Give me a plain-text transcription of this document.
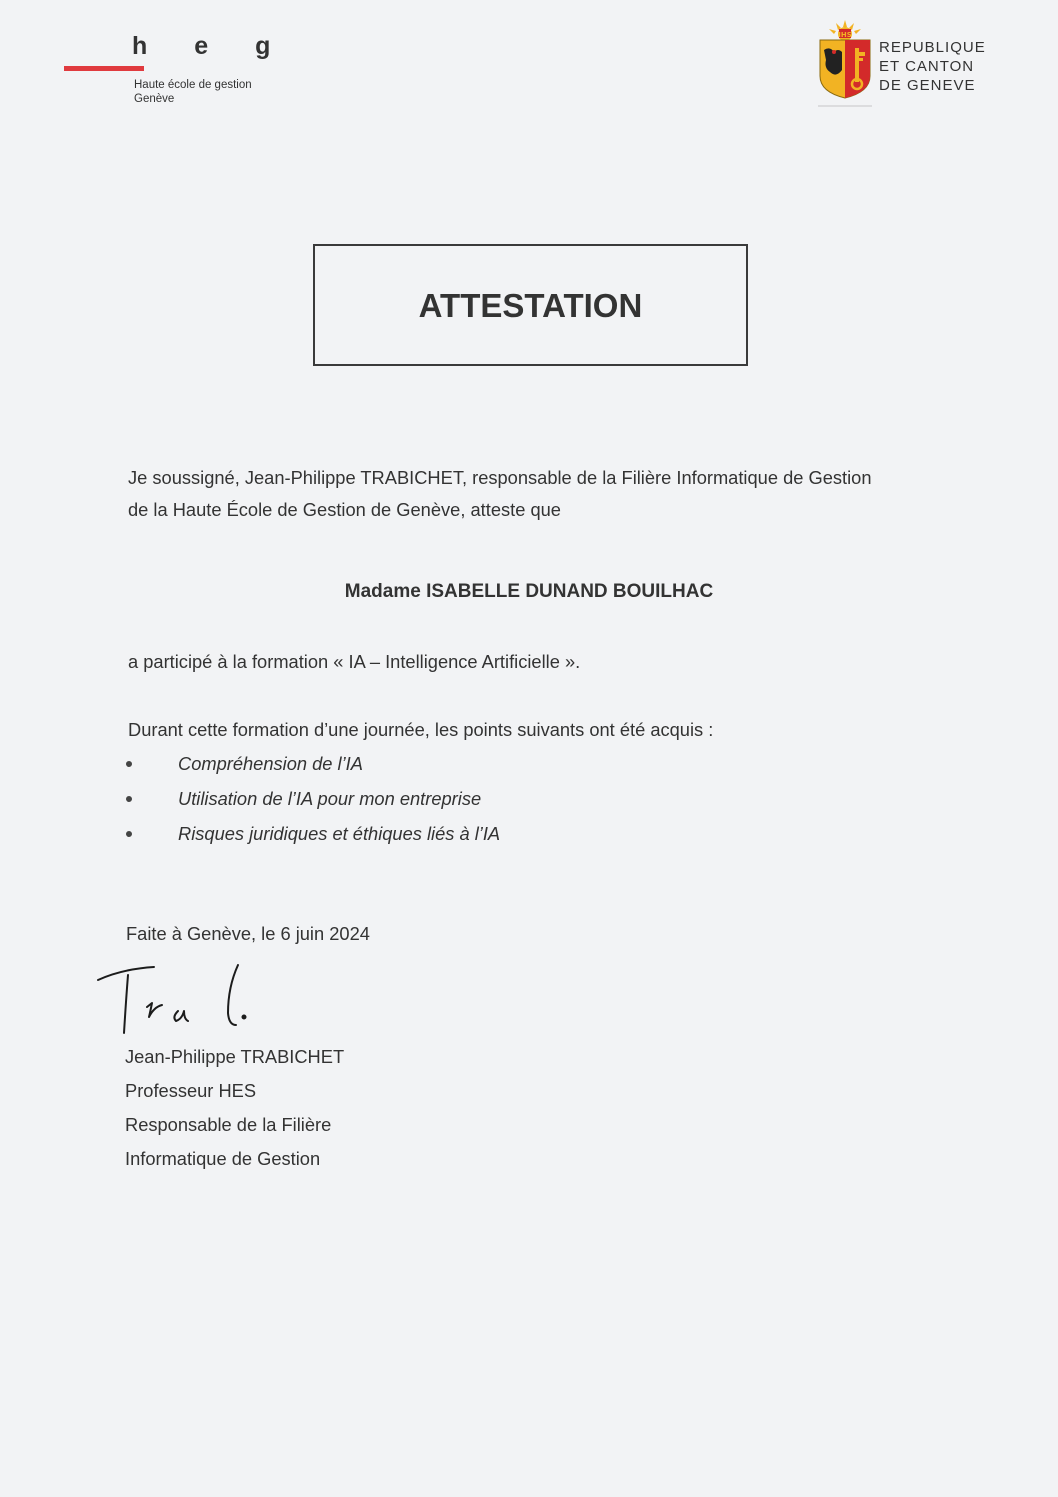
h e g
Haute école de gestion
Genève
IHS
REPUBLIQUE
ET CANTON
DE GENEVE
ATTESTATION
Je soussigné, Jean-Philippe TRABICHET, responsable de la Filière Informatique de Gestion
de la Haute École de Gestion de Genève, atteste que
Madame ISABELLE DUNAND BOUILHAC
a participé à la formation « IA – Intelligence Artificielle ».
Durant cette formation d’une journée, les points suivants ont été acquis :
Compréhension de l’IA
Utilisation de l’IA pour mon entreprise
Risques juridiques et éthiques liés à l’IA
Faite à Genève, le 6 juin 2024
Jean-Philippe TRABICHET
Professeur HES
Responsable de la Filière
Informatique de Gestion
